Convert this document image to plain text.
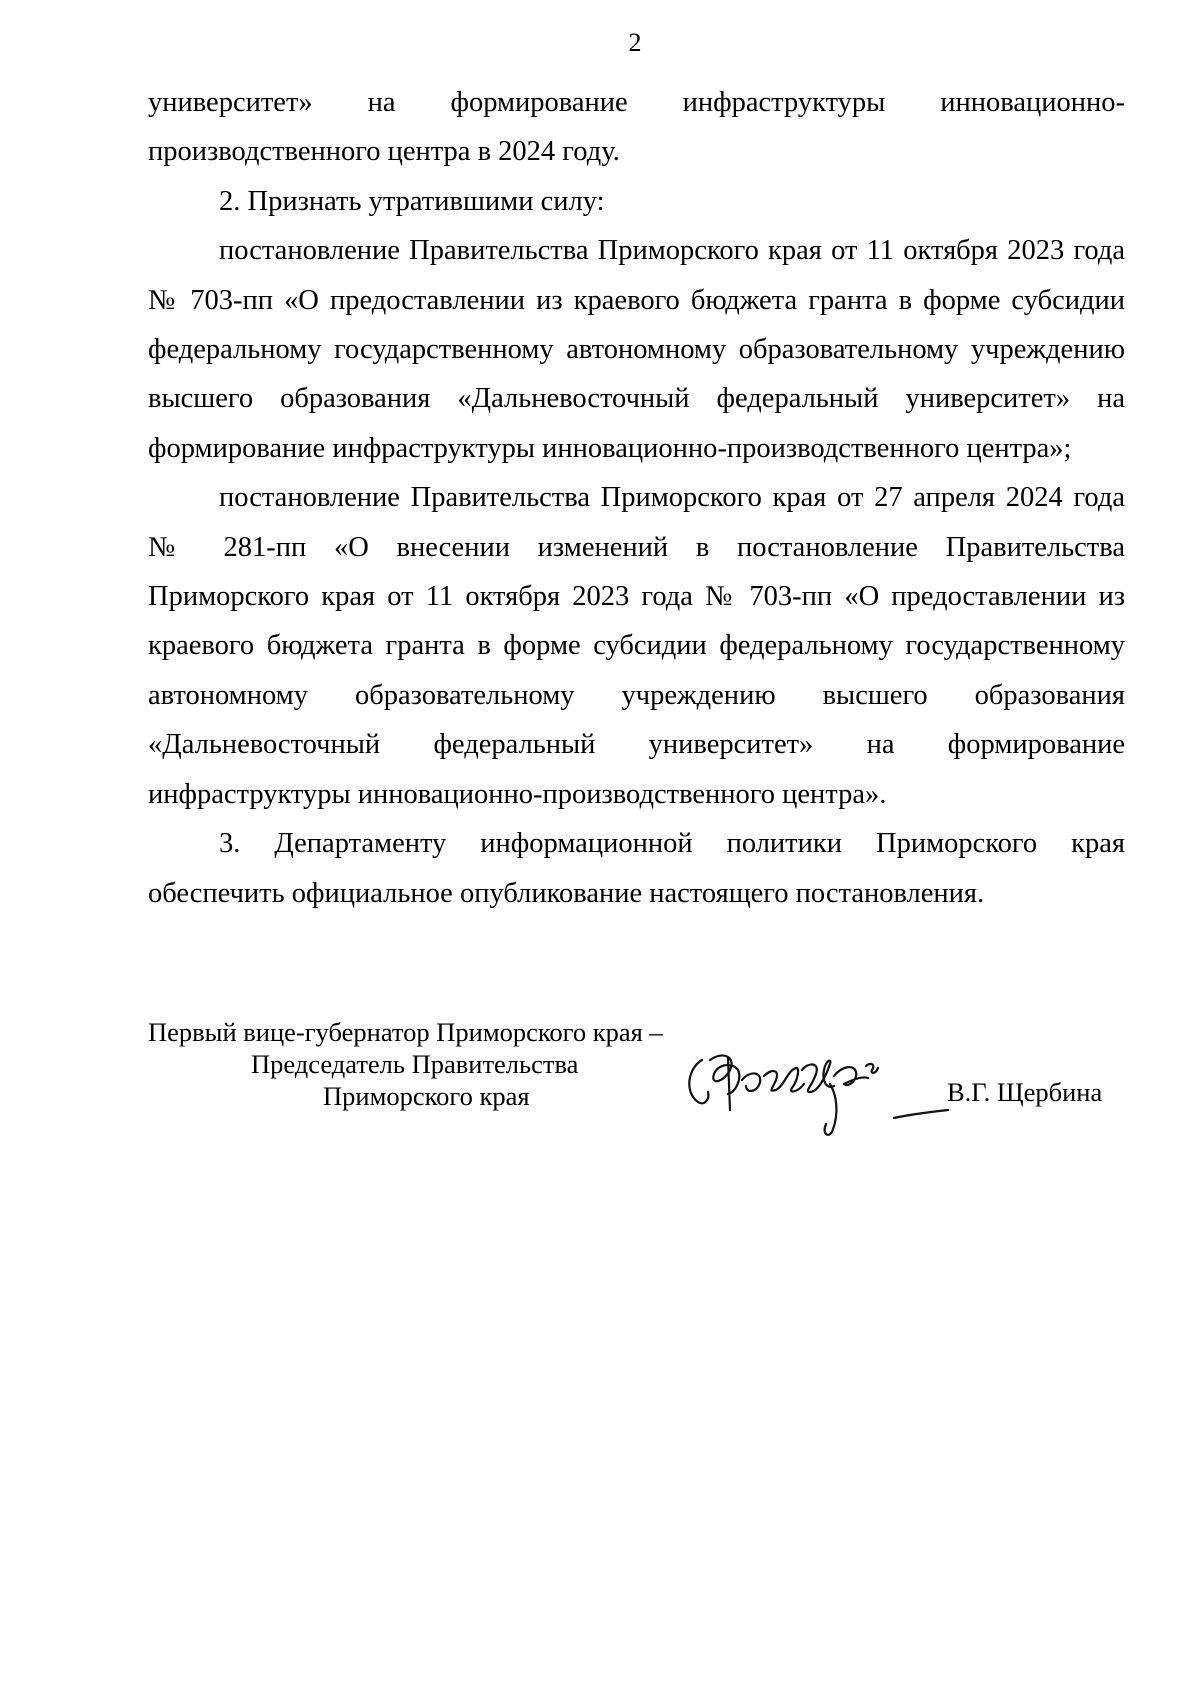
2

университет» на формирование инфраструктуры инновационно-производственного центра в 2024 году.

2. Признать утратившими силу:

постановление Правительства Приморского края от 11 октября 2023 года № 703-пп «О предоставлении из краевого бюджета гранта в форме субсидии федеральному государственному автономному образовательному учреждению высшего образования «Дальневосточный федеральный университет» на формирование инфраструктуры инновационно-производственного центра»;

постановление Правительства Приморского края от 27 апреля 2024 года № 281-пп «О внесении изменений в постановление Правительства Приморского края от 11 октября 2023 года № 703-пп «О предоставлении из краевого бюджета гранта в форме субсидии федеральному государственному автономному образовательному учреждению высшего образования «Дальневосточный федеральный университет» на формирование инфраструктуры инновационно-производственного центра».

3. Департаменту информационной политики Приморского края обеспечить официальное опубликование настоящего постановления.

Первый вице-губернатор Приморского края –
Председатель Правительства
Приморского края	В.Г. Щербина
